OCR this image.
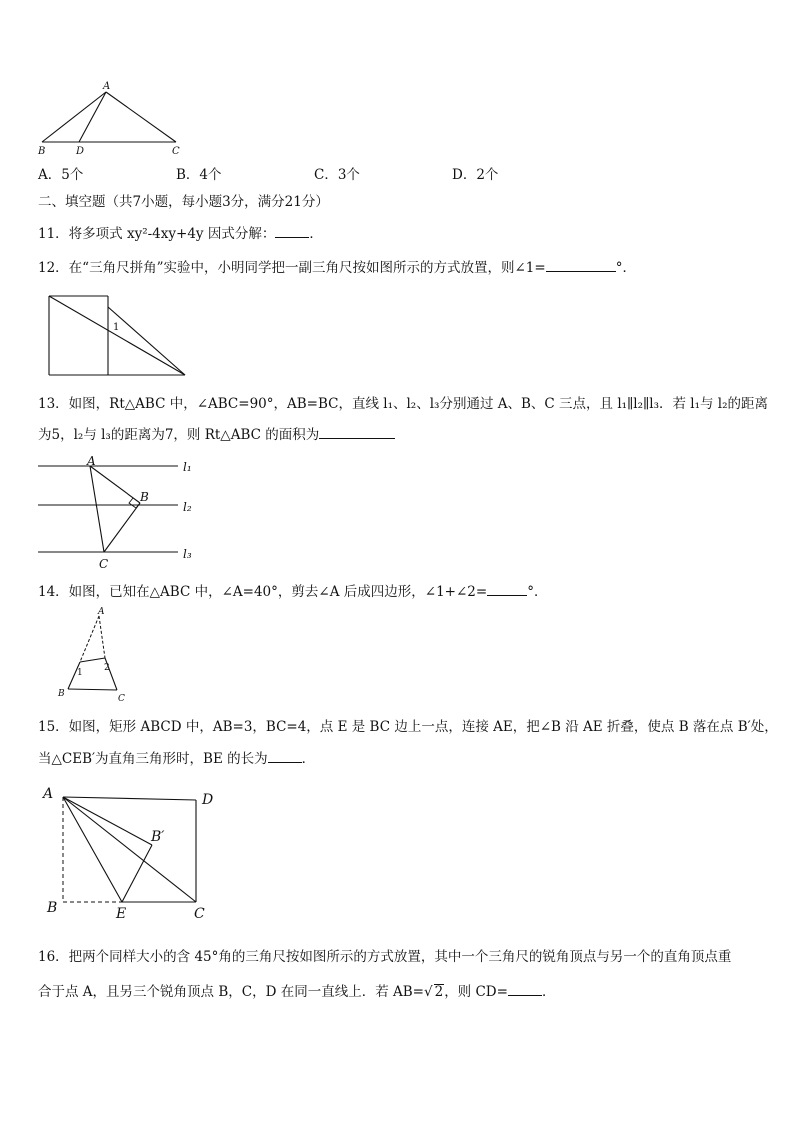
A
B	D	C
A．5个	B．4个	C．3个	D．2个
二、填空题（共7小题，每小题3分，满分21分）
11．将多项式 xy²-4xy+4y 因式分解：	．
12．在“三角尺拼角”实验中，小明同学把一副三角尺按如图所示的方式放置，则∠1=	°．
1
13．如图，Rt△ABC 中，∠ABC=90°，AB=BC，直线 l₁、l₂、l₃分别通过 A、B、C 三点，且 l₁∥l₂∥l₃．若 l₁与 l₂的距离
为5，l₂与 l₃的距离为7，则 Rt△ABC 的面积为
A
B
C
l₁
l₂
l₃
14．如图，已知在△ABC 中，∠A=40°，剪去∠A 后成四边形，∠1+∠2=	°．
A
B	C
1 2
15．如图，矩形 ABCD 中，AB=3，BC=4，点 E 是 BC 边上一点，连接 AE，把∠B 沿 AE 折叠，使点 B 落在点 B′处，
当△CEB′为直角三角形时，BE 的长为	．
A	D
B′
B	E	C
16．把两个同样大小的含 45°角的三角尺按如图所示的方式放置，其中一个三角尺的锐角顶点与另一个的直角顶点重
合于点 A，且另三个锐角顶点 B，C，D 在同一直线上．若 AB=√ 2，则 CD=	．
